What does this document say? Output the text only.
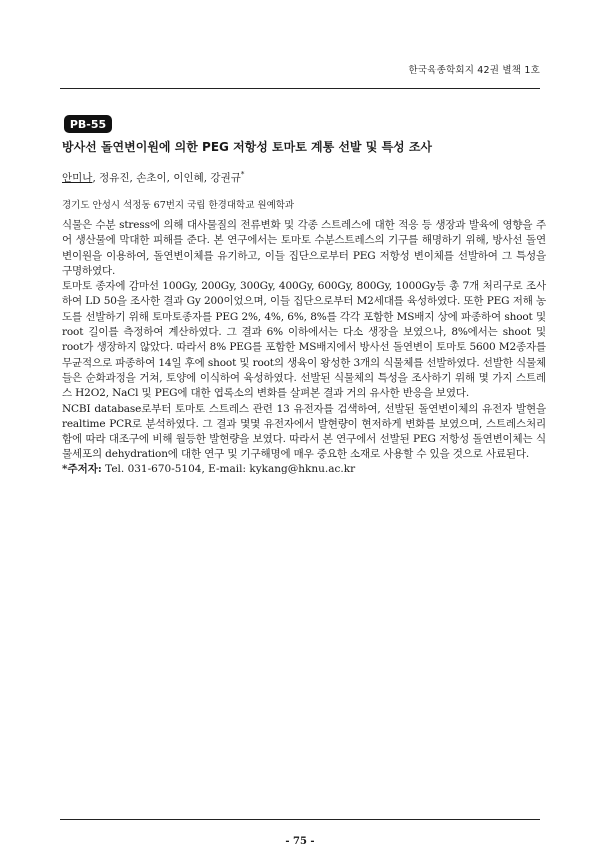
한국육종학회지 42권 별책 1호
PB-55
방사선 돌연변이원에 의한 PEG 저항성 토마토 계통 선발 및 특성 조사
안미나, 정유진, 손초이, 이인혜, 강권규*
경기도 안성시 석정동 67번지 국립 한경대학교 원예학과

식물은 수분 stress에 의해 대사물질의 전류변화 및 각종 스트레스에 대한 적응 등 생장과 발육에 영향을 주어 생산물에 막대한 피해를 준다. 본 연구에서는 토마토 수분스트레스의 기구를 해명하기 위해, 방사선 돌연변이원을 이용하여, 돌연변이체를 유기하고, 이들 집단으로부터 PEG 저항성 변이체를 선발하여 그 특성을 구명하였다.

토마토 종자에 감마선 100Gy, 200Gy, 300Gy, 400Gy, 600Gy, 800Gy, 1000Gy등 총 7개 처리구로 조사하여 LD 50을 조사한 결과 Gy 200이었으며, 이들 집단으로부터 M2세대를 육성하였다. 또한 PEG 저해 농도를 선발하기 위해 토마토종자를 PEG 2%, 4%, 6%, 8%를 각각 포함한 MS배지 상에 파종하여 shoot 및 root 길이를 측정하여 계산하였다. 그 결과 6% 이하에서는 다소 생장을 보였으나, 8%에서는 shoot 및 root가 생장하지 않았다. 따라서 8% PEG를 포함한 MS배지에서 방사선 돌연변이 토마토 5600 M2종자를 무균적으로 파종하여 14일 후에 shoot 및 root의 생육이 왕성한 3개의 식물체를 선발하였다. 선발한 식물체들은 순화과정을 거쳐, 토양에 이식하여 육성하였다. 선발된 식물체의 특성을 조사하기 위해 몇 가지 스트레스 H2O2, NaCl 및 PEG에 대한 엽록소의 변화를 살펴본 결과 거의 유사한 반응을 보였다.

NCBI database로부터 토마토 스트레스 관련 13 유전자를 검색하여, 선발된 돌연변이체의 유전자 발현을 realtime PCR로 분석하였다. 그 결과 몇몇 유전자에서 발현량이 현저하게 변화를 보였으며, 스트레스처리 함에 따라 대조구에 비해 월등한 발현량을 보였다. 따라서 본 연구에서 선발된 PEG 저항성 돌연변이체는 식물세포의 dehydration에 대한 연구 및 기구해명에 매우 중요한 소재로 사용할 수 있을 것으로 사료된다.

*주저자: Tel. 031-670-5104, E-mail: kykang@hknu.ac.kr
- 75 -
